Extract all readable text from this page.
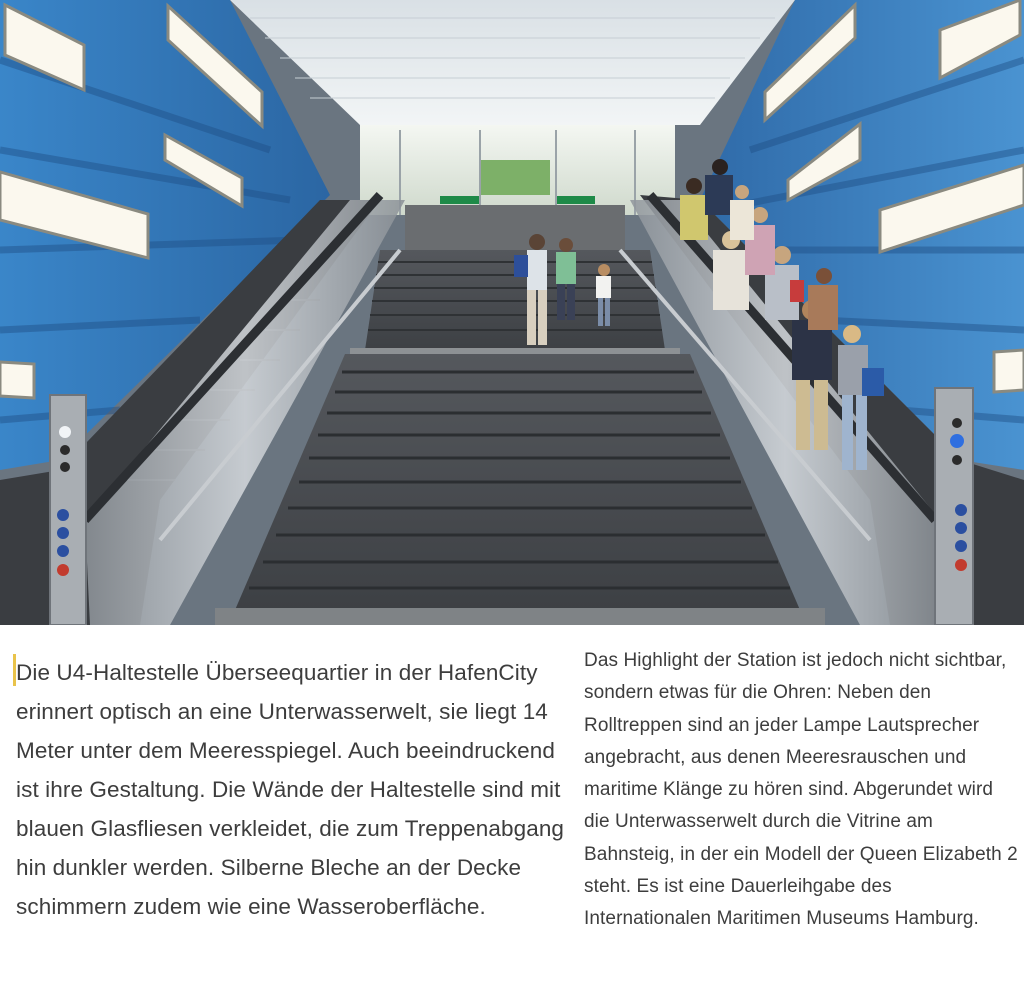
Die U4-Haltestelle Überseequartier in der HafenCity erinnert optisch an eine Unterwasserwelt, sie liegt 14 Meter unter dem Meeresspiegel. Auch beeindruckend ist ihre Gestaltung. Die Wände der Haltestelle sind mit blauen Glasfliesen verkleidet, die zum Treppenabgang hin dunkler werden. Silberne Bleche an der Decke schimmern zudem wie eine Wasseroberfläche.

Das Highlight der Station ist jedoch nicht sichtbar, sondern etwas für die Ohren: Neben den Rolltreppen sind an jeder Lampe Lautsprecher angebracht, aus denen Meeresrauschen und maritime Klänge zu hören sind. Abgerundet wird die Unterwasserwelt durch die Vitrine am Bahnsteig, in der ein Modell der Queen Elizabeth 2 steht. Es ist eine Dauerleihgabe des Internationalen Maritimen Museums Hamburg.
